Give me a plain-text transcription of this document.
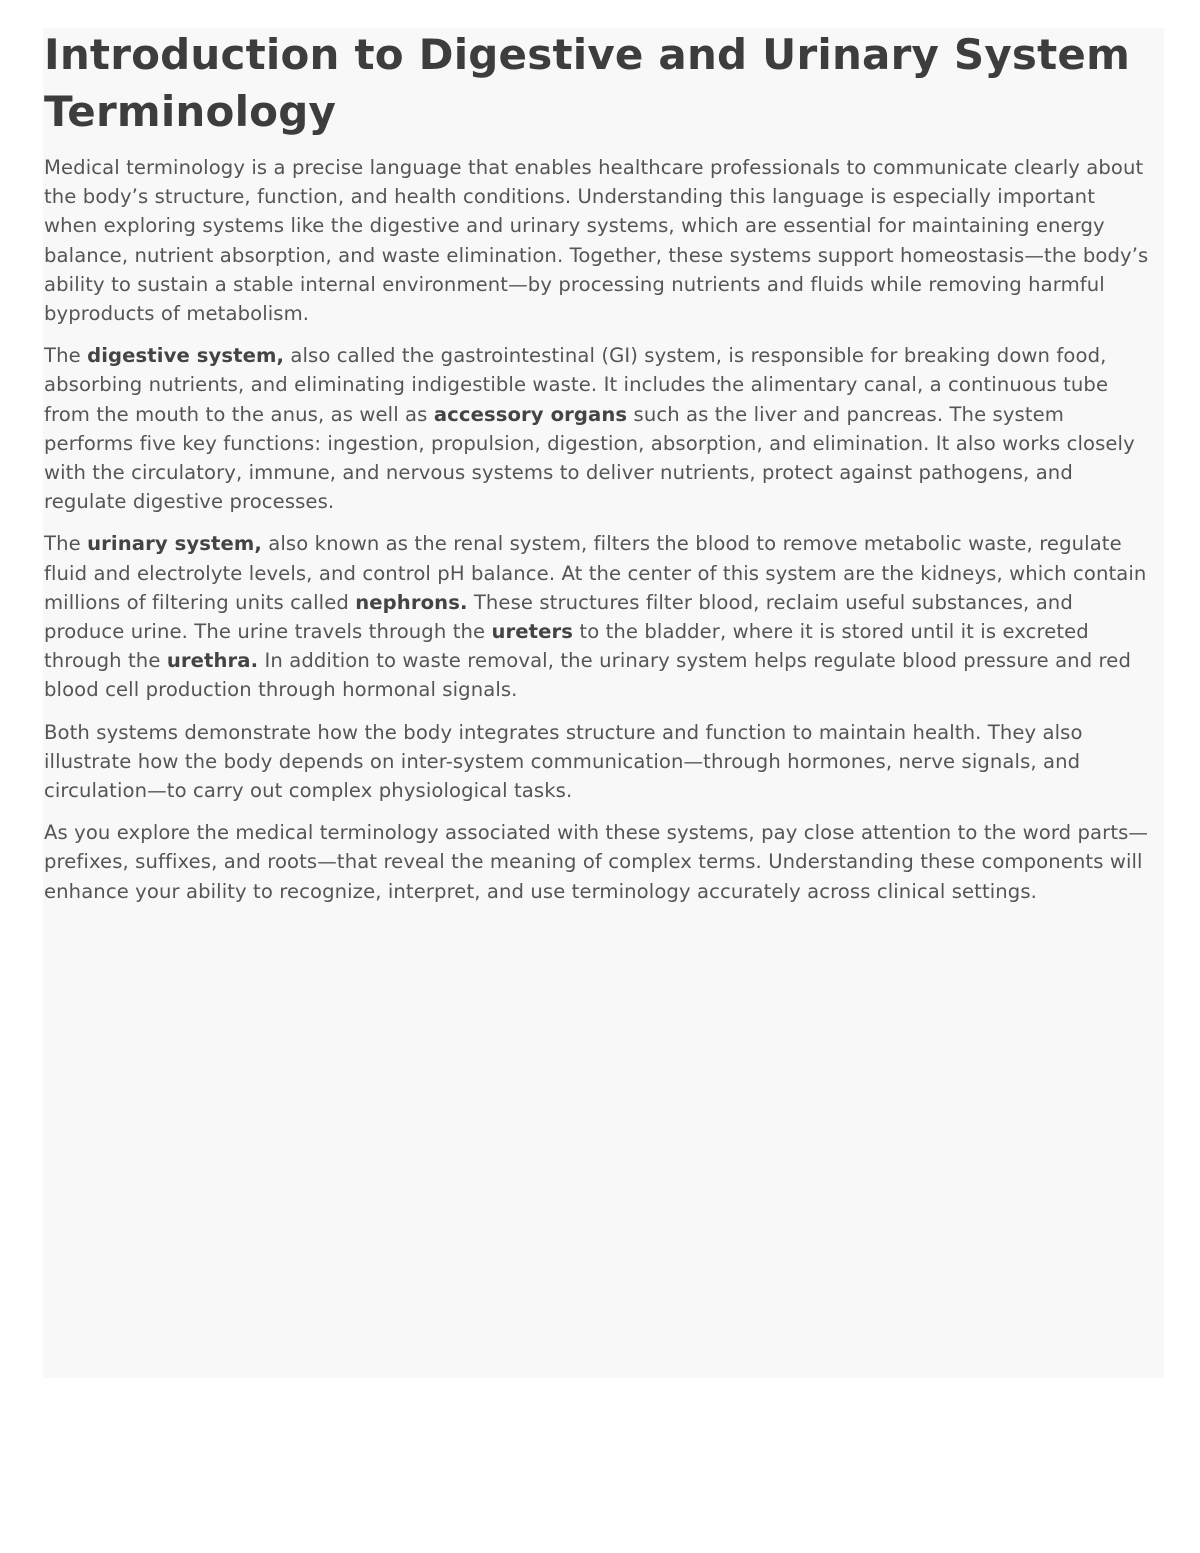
Introduction to Digestive and Urinary System Terminology

Medical terminology is a precise language that enables healthcare professionals to communicate clearly about the body’s structure, function, and health conditions. Understanding this language is especially important when exploring systems like the digestive and urinary systems, which are essential for maintaining energy balance, nutrient absorption, and waste elimination. Together, these systems support homeostasis—the body’s ability to sustain a stable internal environment—by processing nutrients and fluids while removing harmful byproducts of metabolism.

The digestive system, also called the gastrointestinal (GI) system, is responsible for breaking down food, absorbing nutrients, and eliminating indigestible waste. It includes the alimentary canal, a continuous tube from the mouth to the anus, as well as accessory organs such as the liver and pancreas. The system performs five key functions: ingestion, propulsion, digestion, absorption, and elimination. It also works closely with the circulatory, immune, and nervous systems to deliver nutrients, protect against pathogens, and regulate digestive processes.

The urinary system, also known as the renal system, filters the blood to remove metabolic waste, regulate fluid and electrolyte levels, and control pH balance. At the center of this system are the kidneys, which contain millions of filtering units called nephrons. These structures filter blood, reclaim useful substances, and produce urine. The urine travels through the ureters to the bladder, where it is stored until it is excreted through the urethra. In addition to waste removal, the urinary system helps regulate blood pressure and red blood cell production through hormonal signals.

Both systems demonstrate how the body integrates structure and function to maintain health. They also illustrate how the body depends on inter-system communication—through hormones, nerve signals, and circulation—to carry out complex physiological tasks.

As you explore the medical terminology associated with these systems, pay close attention to the word parts—prefixes, suffixes, and roots—that reveal the meaning of complex terms. Understanding these components will enhance your ability to recognize, interpret, and use terminology accurately across clinical settings.
